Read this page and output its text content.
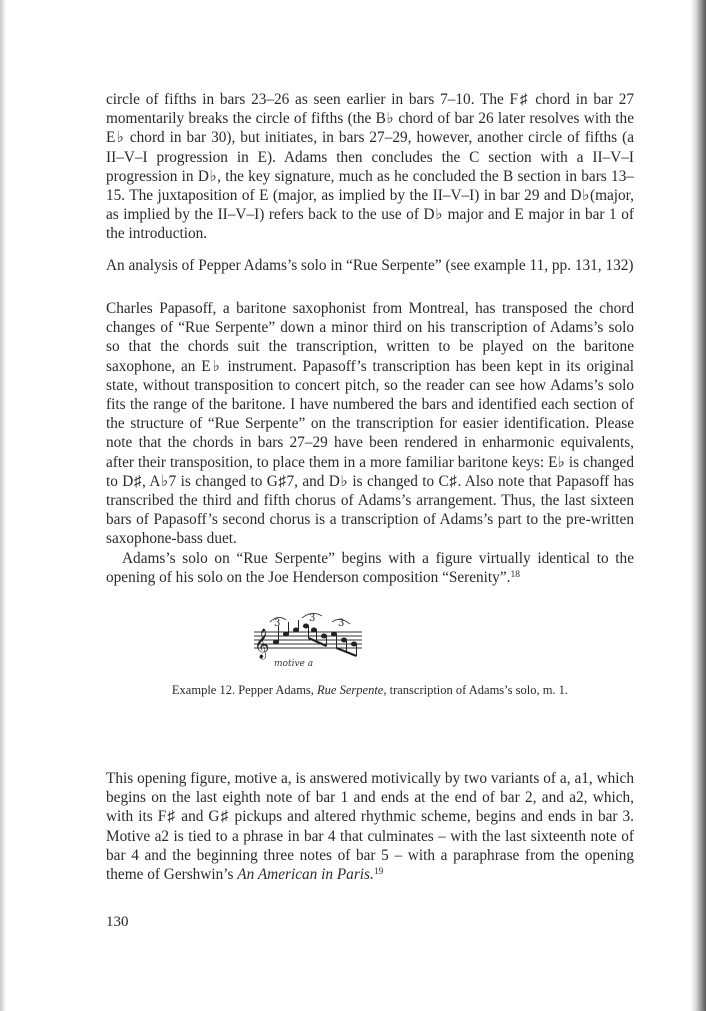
circle of fifths in bars 23–26 as seen earlier in bars 7–10. The F♯ chord in bar 27 momentarily breaks the circle of fifths (the B♭ chord of bar 26 later resolves with the E♭ chord in bar 30), but initiates, in bars 27–29, however, another circle of fifths (a II–V–I progression in E). Adams then concludes the C section with a II–V–I progression in D♭, the key signature, much as he concluded the B section in bars 13–15. The juxtaposition of E (major, as implied by the II–V–I) in bar 29 and D♭(major, as implied by the II–V–I) refers back to the use of D♭ major and E major in bar 1 of the introduction.

An analysis of Pepper Adams’s solo in “Rue Serpente” (see example 11, pp. 131, 132)

Charles Papasoff, a baritone saxophonist from Montreal, has transposed the chord changes of “Rue Serpente” down a minor third on his transcription of Adams’s solo so that the chords suit the transcription, written to be played on the baritone saxophone, an E♭ instrument. Papasoff’s transcription has been kept in its original state, without transposition to concert pitch, so the reader can see how Adams’s solo fits the range of the baritone. I have numbered the bars and identified each section of the structure of “Rue Serpente” on the transcription for easier identification. Please note that the chords in bars 27–29 have been rendered in enharmonic equivalents, after their transposition, to place them in a more familiar baritone keys: E♭ is changed to D♯, A♭7 is changed to G♯7, and D♭ is changed to C♯. Also note that Papasoff has transcribed the third and fifth chorus of Adams’s arrangement. Thus, the last sixteen bars of Papasoff’s second chorus is a transcription of Adams’s part to the pre-written saxophone-bass duet.

Adams’s solo on “Rue Serpente” begins with a figure virtually identical to the opening of his solo on the Joe Henderson composition “Serenity”.$^{18}$

𝄞
3	3 3
motive a
Example 12. Pepper Adams, Rue Serpente, transcription of Adams’s solo, m. 1.

This opening figure, motive a, is answered motivically by two variants of a, a1, which begins on the last eighth note of bar 1 and ends at the end of bar 2, and a2, which, with its F♯ and G♯ pickups and altered rhythmic scheme, begins and ends in bar 3. Motive a2 is tied to a phrase in bar 4 that culminates – with the last sixteenth note of bar 4 and the beginning three notes of bar 5 – with a paraphrase from the opening theme of Gershwin’s An American in Paris.$^{19}$

130
